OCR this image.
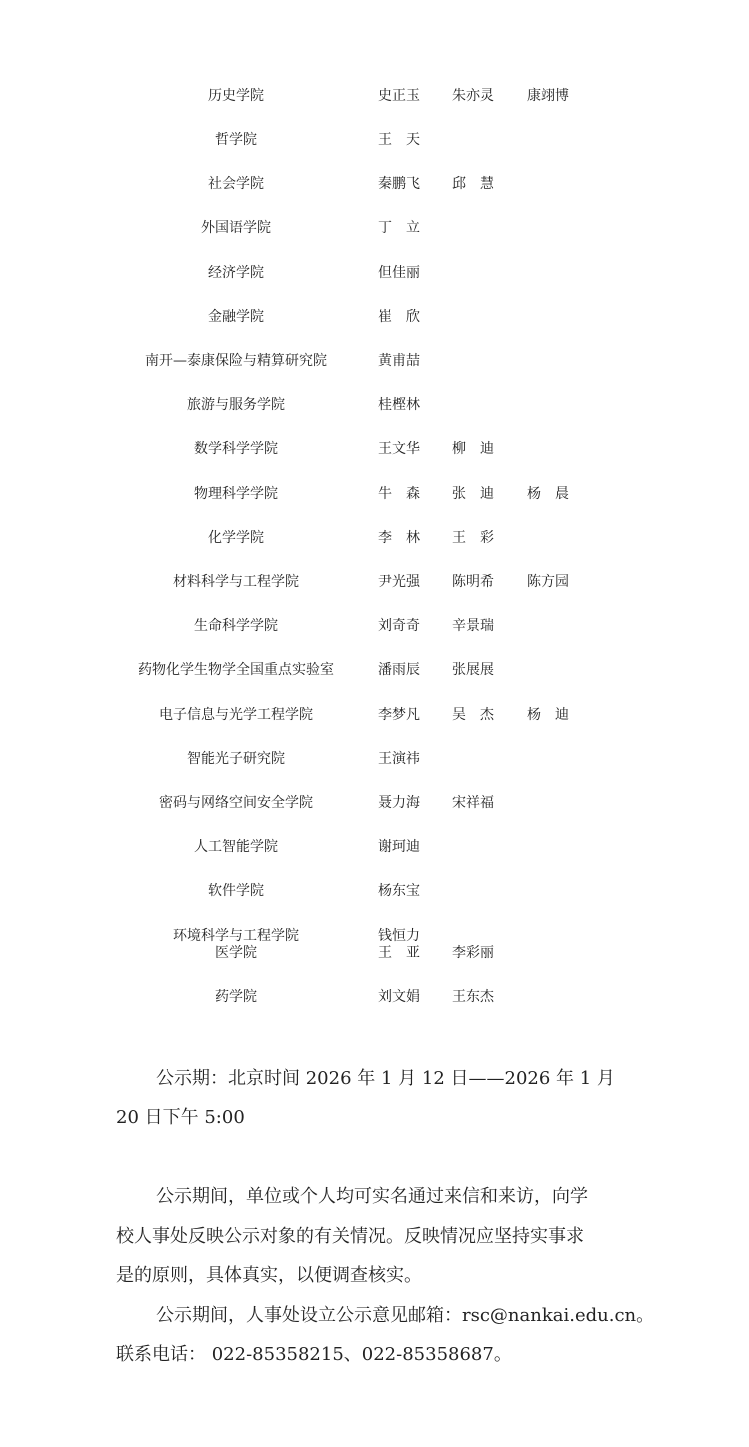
历史学院	史正玉 朱亦灵 康翊博
哲学院	王　天
社会学院	秦鹏飞 邱　慧
外国语学院	丁　立
经济学院	但佳丽
金融学院	崔　欣
南开—泰康保险与精算研究院	黄甫喆
旅游与服务学院	桂樫林
数学科学学院	王文华 柳　迪
物理科学学院	牛　森 张　迪 杨　晨
化学学院	李　林 王　彩
材料科学与工程学院	尹光强 陈明希 陈方园
生命科学学院	刘奇奇 辛景瑞
药物化学生物学全国重点实验室	潘雨辰 张展展
电子信息与光学工程学院	李梦凡 吴　杰 杨　迪
智能光子研究院	王演祎
密码与网络空间安全学院	聂力海 宋祥福
人工智能学院	谢珂迪
软件学院	杨东宝
环境科学与工程学院	钱恒力
医学院	王　亚 李彩丽
药学院	刘文娟 王东杰
公示期：北京时间 2026 年 1 月 12 日——2026 年 1 月
20 日下午 5:00
公示期间，单位或个人均可实名通过来信和来访，向学
校人事处反映公示对象的有关情况。反映情况应坚持实事求
是的原则，具体真实，以便调查核实。
公示期间，人事处设立公示意见邮箱：rsc@nankai.edu.cn。
联系电话： 022-85358215、022-85358687。
